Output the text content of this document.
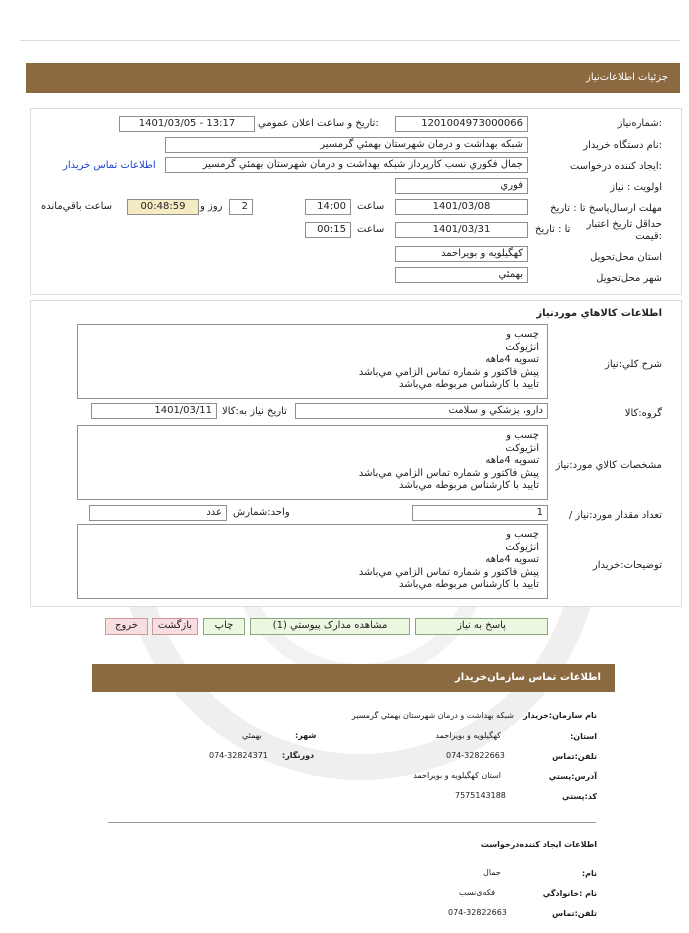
جزئيات اطلاعات‌نياز
شماره‌نياز:
1201004973000066
تاريخ و ساعت اعلان عمومي:
1401/03/05 - 13:17
نام دستگاه‌ خريدار:
شبکه بهداشت و درمان شهرستان بهمئي گرمسير
ايجاد کننده درخواست:
جمال فکوري نسب کارپرداز شبکه بهداشت و درمان شهرستان بهمئي گرمسير
اطلاعات تماس خريدار
اولويت : نياز
فوري
مهلت ارسال‌پاسخ تا : تاريخ
1401/03/08
ساعت
14:00
2
روز و
00:48:59
ساعت باقي‌مانده
حداقل تاريخ اعتبار
قيمت:
تا : تاريخ
1401/03/31
ساعت
00:15
استان محل‌تحويل
کهگيلويه و بويراحمد
شهر محل‌تحويل
بهمئي
اطلاعات کالاهاي موردنياز
شرح کلي:نياز
چسب و
انژيوکت
تسويه 4ماهه
پيش فاکتور و شماره تماس الزامي مي‌باشد
تاييد با کارشناس مربوطه مي‌باشد
گروه:کالا
دارو، پزشکي و سلامت
تاريخ نياز به:کالا
1401/03/11
مشخصات کالاي مورد:نياز
چسب و
انژيوکت
تسويه 4ماهه
پيش فاکتور و شماره تماس الزامي مي‌باشد
تاييد با کارشناس مربوطه مي‌باشد
/ تعداد مقدار مورد:نياز
1
واحد:شمارش
عدد
توضيحات:خريدار
چسب و
انژيوکت
تسويه 4ماهه
پيش فاکتور و شماره تماس الزامي مي‌باشد
تاييد با کارشناس مربوطه مي‌باشد
پاسخ به نياز
مشاهده مدارک پيوستي (1)
چاپ
بازگشت
خروج
اطلاعات تماس سازمان‌خريدار
نام سازمان‌:خريدار
شبکه بهداشت و درمان شهرستان بهمئي گرمسير
:استان
کهگيلويه و بويراحمد
:شهر
بهمئي
تلفن‌:تماس
074-32822663
:دورنگار
074-32824371
آدرس‌:پستي
استان کهگيلويه و بويراحمد
کد:پستي
7575143188
اطلاعات ايجاد کننده‌درخواست
:نام
جمال
نام :خانوادگي
فکه‌ی‌نسب
تلفن‌:تماس
074-32822663
